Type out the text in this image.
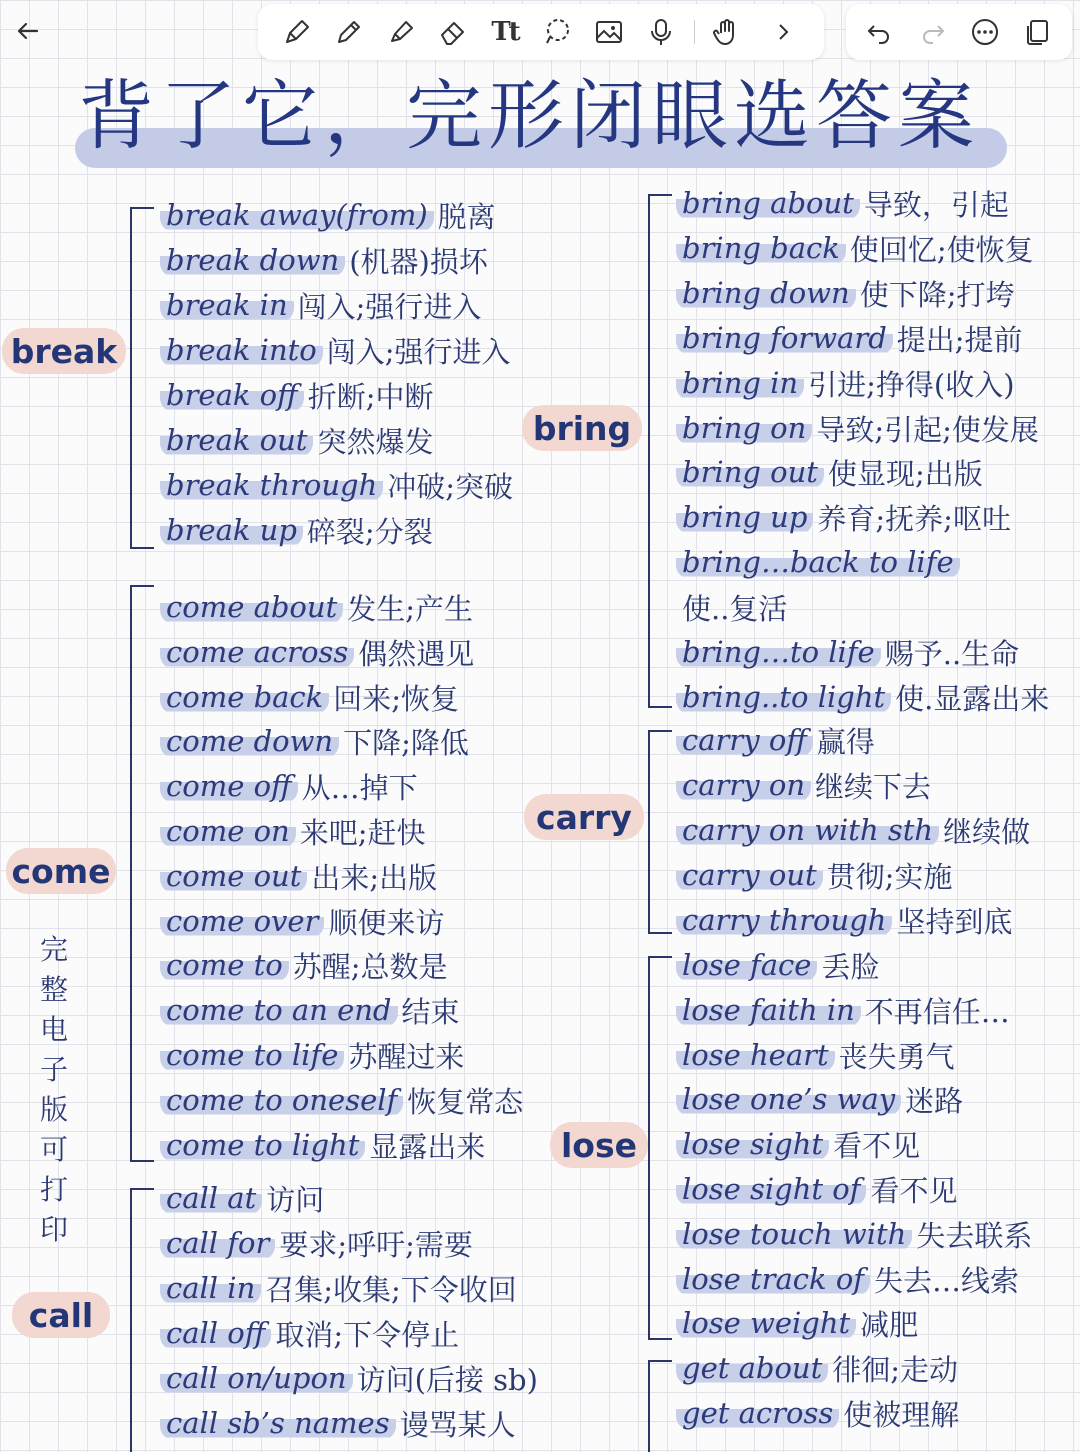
Tt
背了它，完形闭眼选答案
完整电子版可打印
break
come
call
bring
carry
lose
break away(from) 脱离
break down (机器)损坏
break in 闯入;强行进入
break into 闯入;强行进入
break off 折断;中断
break out 突然爆发
break through 冲破;突破
break up 碎裂;分裂
come about 发生;产生
come across 偶然遇见
come back 回来;恢复
come down 下降;降低
come off 从…掉下
come on 来吧;赶快
come out 出来;出版
come over 顺便来访
come to 苏醒;总数是
come to an end 结束
come to life 苏醒过来
come to oneself 恢复常态
come to light 显露出来
call at 访问
call for 要求;呼吁;需要
call in 召集;收集;下令收回
call off 取消;下令停止
call on/upon 访问(后接 sb)
call sb’s names 谩骂某人
bring about 导致，引起
bring back 使回忆;使恢复
bring down 使下降;打垮
bring forward 提出;提前
bring in 引进;挣得(收入)
bring on 导致;引起;使发展
bring out 使显现;出版
bring up 养育;抚养;呕吐
bring…back to life
使..复活
bring…to life 赐予..生命
bring..to light 使.显露出来
carry off 赢得
carry on 继续下去
carry on with sth 继续做
carry out 贯彻;实施
carry through 坚持到底
lose face 丢脸
lose faith in 不再信任…
lose heart 丧失勇气
lose one’s way 迷路
lose sight 看不见
lose sight of 看不见
lose touch with 失去联系
lose track of 失去…线索
lose weight 减肥
get about 徘徊;走动
get across 使被理解
